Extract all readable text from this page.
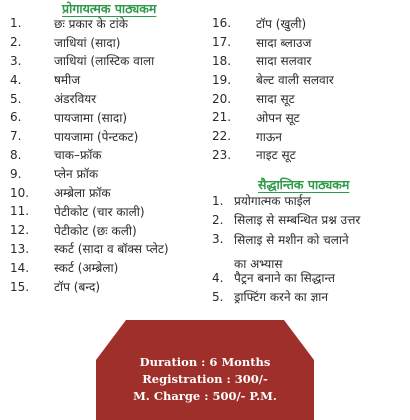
प्रोगायत्मक पाठ्यकम
1.	छः प्रकार के टांके
2.	जाधियां (सादा)
3.	जाधियां (लास्टिक वाला
4.	षमीज
5.	अंडरवियर
6.	पायजामा (सादा)
7.	पायजामा (पेन्टकट)
8.	चाक–फ्रॉक
9.	प्लेन फ्रॉक
10.	अम्ब्रेला फ्रॉक
11.	पेटीकोट (चार काली)
12.	पेटीकोट (छः कली)
13.	स्कर्ट (सादा व बॉक्स प्लेट)
14.	स्कर्ट (अम्ब्रेला)
15.	टॉप (बन्द)
16.	टॉप (खुली)
17.	सादा ब्लाउज
18.	सादा सलवार
19.	बेल्ट वाली सलवार
20.	सादा सूट
21.	ओपन सूट
22.	गाऊन
23.	नाइट सूट
सैद्धान्तिक पाठ्यकम
1. प्रयोगात्मक फाईल
2. सिलाइ से सम्बन्धित प्रश्न उत्तर
3. सिलाइ से मशीन को चलाने
का अभ्यास
4. पैट्रन बनाने का सिद्धान्त
5. ड्राफ्टिंग करने का ज्ञान
Duration : 6 Months
Registration : 300/-
M. Charge : 500/- P.M.
